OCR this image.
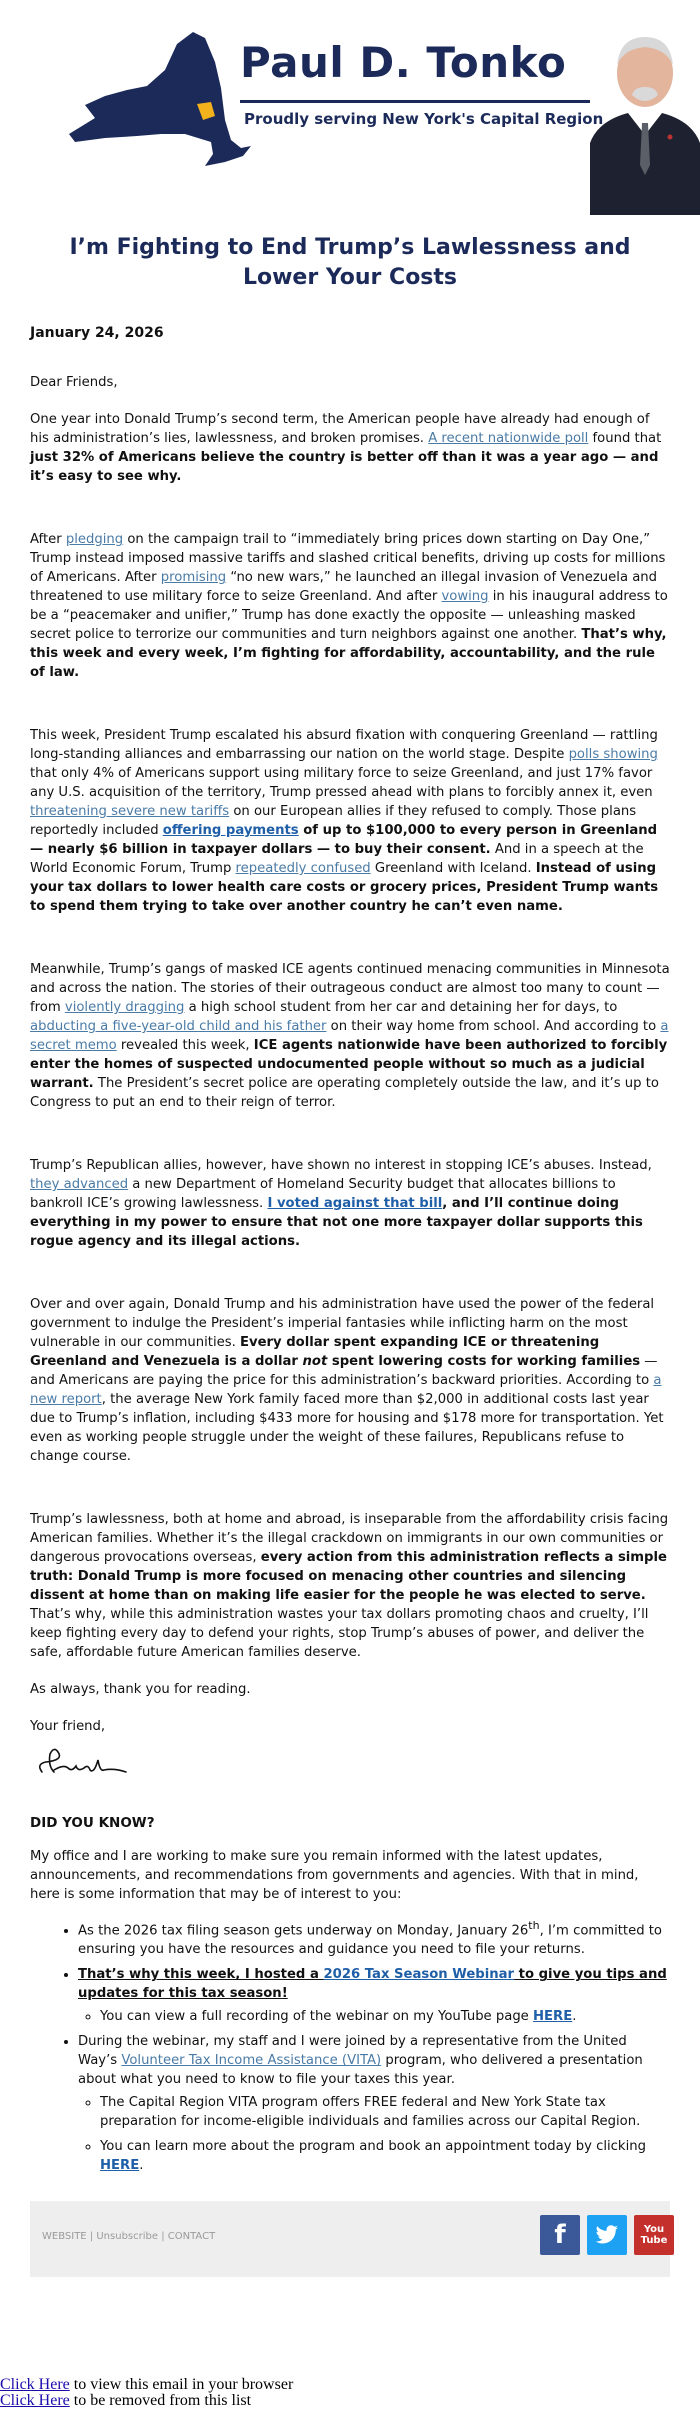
Paul D. Tonko
Proudly serving New York's Capital Region
I’m Fighting to End Trump’s Lawlessness and Lower Your Costs
January 24, 2026

Dear Friends,

One year into Donald Trump’s second term, the American people have already had enough of his administration’s lies, lawlessness, and broken promises. A recent nationwide poll found that just 32% of Americans believe the country is better off than it was a year ago — and it’s easy to see why.

After pledging on the campaign trail to “immediately bring prices down starting on Day One,” Trump instead imposed massive tariffs and slashed critical benefits, driving up costs for millions of Americans. After promising “no new wars,” he launched an illegal invasion of Venezuela and threatened to use military force to seize Greenland. And after vowing in his inaugural address to be a “peacemaker and unifier,” Trump has done exactly the opposite — unleashing masked secret police to terrorize our communities and turn neighbors against one another. That’s why, this week and every week, I’m fighting for affordability, accountability, and the rule of law.

This week, President Trump escalated his absurd fixation with conquering Greenland — rattling long-standing alliances and embarrassing our nation on the world stage. Despite polls showing that only 4% of Americans support using military force to seize Greenland, and just 17% favor any U.S. acquisition of the territory, Trump pressed ahead with plans to forcibly annex it, even threatening severe new tariffs on our European allies if they refused to comply. Those plans reportedly included offering payments of up to $100,000 to every person in Greenland — nearly $6 billion in taxpayer dollars — to buy their consent. And in a speech at the World Economic Forum, Trump repeatedly confused Greenland with Iceland. Instead of using your tax dollars to lower health care costs or grocery prices, President Trump wants to spend them trying to take over another country he can’t even name.

Meanwhile, Trump’s gangs of masked ICE agents continued menacing communities in Minnesota and across the nation. The stories of their outrageous conduct are almost too many to count — from violently dragging a high school student from her car and detaining her for days, to abducting a five-year-old child and his father on their way home from school. And according to a secret memo revealed this week, ICE agents nationwide have been authorized to forcibly enter the homes of suspected undocumented people without so much as a judicial warrant. The President’s secret police are operating completely outside the law, and it’s up to Congress to put an end to their reign of terror.

Trump’s Republican allies, however, have shown no interest in stopping ICE’s abuses. Instead, they advanced a new Department of Homeland Security budget that allocates billions to bankroll ICE’s growing lawlessness. I voted against that bill, and I’ll continue doing everything in my power to ensure that not one more taxpayer dollar supports this rogue agency and its illegal actions.

Over and over again, Donald Trump and his administration have used the power of the federal government to indulge the President’s imperial fantasies while inflicting harm on the most vulnerable in our communities. Every dollar spent expanding ICE or threatening Greenland and Venezuela is a dollar not spent lowering costs for working families — and Americans are paying the price for this administration’s backward priorities. According to a new report, the average New York family faced more than $2,000 in additional costs last year due to Trump’s inflation, including $433 more for housing and $178 more for transportation. Yet even as working people struggle under the weight of these failures, Republicans refuse to change course.

Trump’s lawlessness, both at home and abroad, is inseparable from the affordability crisis facing American families. Whether it’s the illegal crackdown on immigrants in our own communities or dangerous provocations overseas, every action from this administration reflects a simple truth: Donald Trump is more focused on menacing other countries and silencing dissent at home than on making life easier for the people he was elected to serve. That’s why, while this administration wastes your tax dollars promoting chaos and cruelty, I’ll keep fighting every day to defend your rights, stop Trump’s abuses of power, and deliver the safe, affordable future American families deserve.

As always, thank you for reading.

Your friend,

DID YOU KNOW?

My office and I are working to make sure you remain informed with the latest updates, announcements, and recommendations from governments and agencies. With that in mind, here is some information that may be of interest to you:

• As the 2026 tax filing season gets underway on Monday, January 26th, I’m committed to ensuring you have the resources and guidance you need to file your returns.
• That’s why this week, I hosted a 2026 Tax Season Webinar to give you tips and updates for this tax season!
◦ You can view a full recording of the webinar on my YouTube page HERE.
• During the webinar, my staff and I were joined by a representative from the United Way’s Volunteer Tax Income Assistance (VITA) program, who delivered a presentation about what you need to know to file your taxes this year.
◦ The Capital Region VITA program offers FREE federal and New York State tax preparation for income-eligible individuals and families across our Capital Region.
◦ You can learn more about the program and book an appointment today by clicking HERE.
WEBSITE | Unsubscribe | CONTACT	f	You
Tube
Click Here to view this email in your browser
Click Here to be removed from this list
